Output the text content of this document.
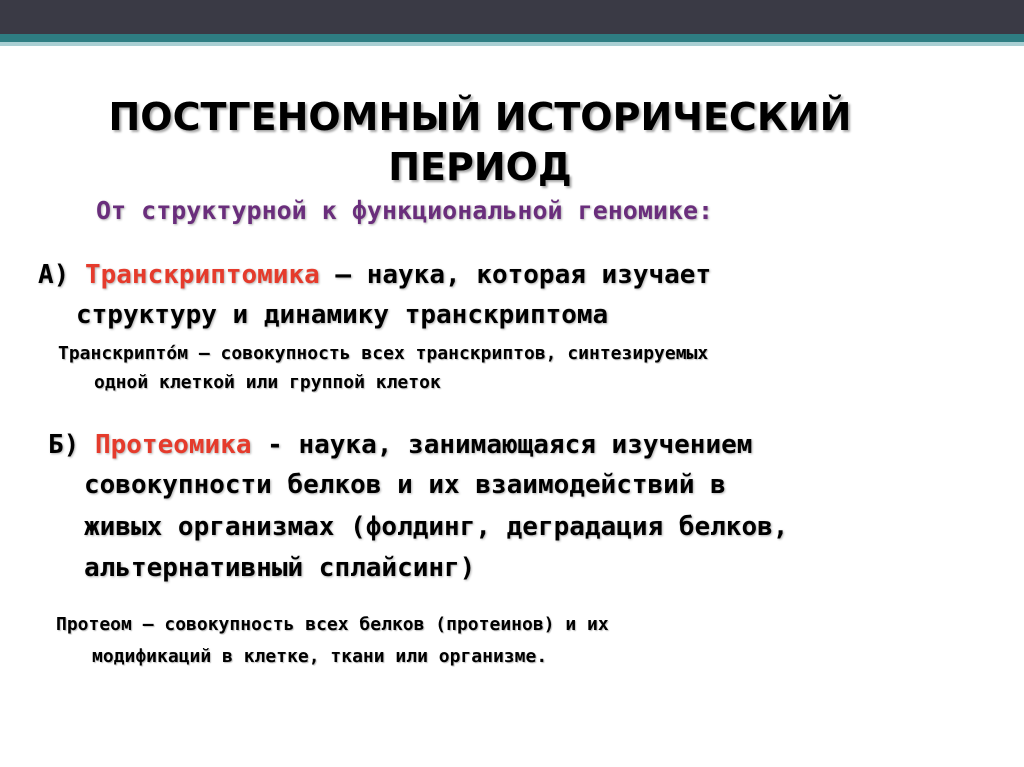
ПОСТГЕНОМНЫЙ ИСТОРИЧЕСКИЙ
ПЕРИОД
От структурной к функциональной геномике:
А) Транскриптомика – наука, которая изучает
структуру и динамику транскриптома
Транскрипто́м — совокупность всех транскриптов, синтезируемых
одной клеткой или группой клеток
Б) Протеомика - наука, занимающаяся изучением
совокупности белков и их взаимодействий в
живых организмах (фолдинг, деградация белков,
альтернативный сплайсинг)
Протеом — совокупность всех белков (протеинов) и их
модификаций в клетке, ткани или организме.
